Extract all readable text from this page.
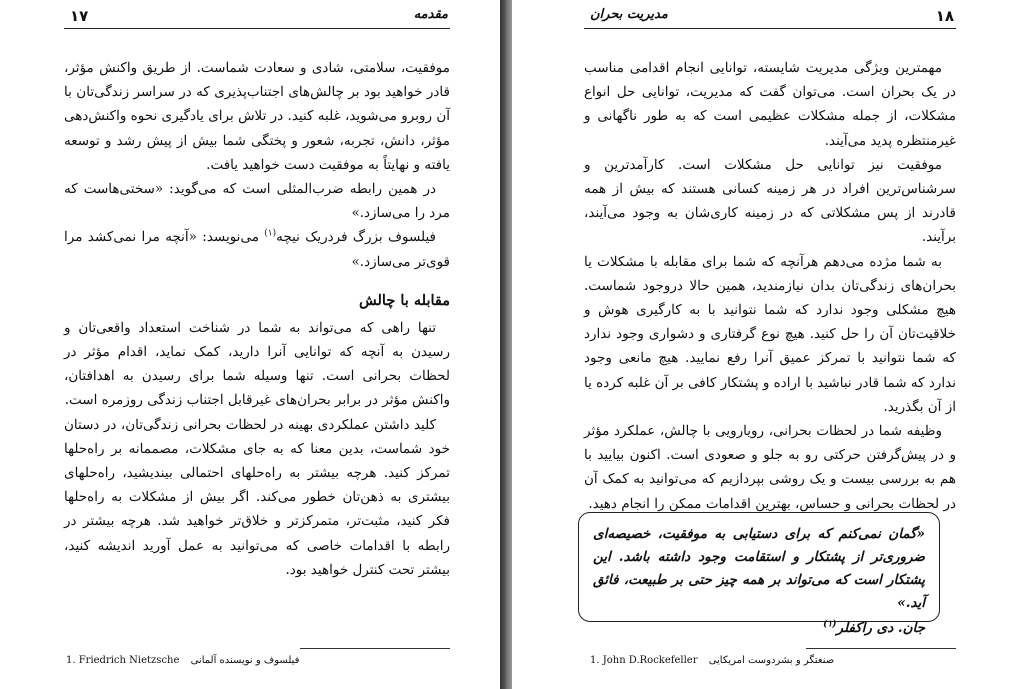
۱۷	مقدمه

موفقیت، سلامتی، شادی و سعادت شماست. از طریق واکنش مؤثر، قادر خواهید بود بر چالش‌های اجتناب‌پذیری که در سراسر زندگی‌تان با آن روبرو می‌شوید، غلبه کنید. در تلاش برای یادگیری نحوه واکنش‌دهی مؤثر، دانش، تجربه، شعور و پختگی شما بیش از پیش رشد و توسعه یافته و نهایتاً به موفقیت دست خواهید یافت.

در همین رابطه ضرب‌المثلی است که می‌گوید: «سختی‌هاست که مرد را می‌سازد.»

فیلسوف بزرگ فردریک نیچه$^{(۱)}$ می‌نویسد: «آنچه مرا نمی‌کشد مرا قوی‌تر می‌سازد.»

مقابله با چالش

تنها راهی که می‌تواند به شما در شناخت استعداد واقعی‌تان و رسیدن به آنچه که توانایی آنرا دارید، کمک نماید، اقدام مؤثر در لحظات بحرانی است. تنها وسیله شما برای رسیدن به اهدافتان، واکنش مؤثر در برابر بحران‌های غیرقابل اجتناب زندگی روزمره است.

کلید داشتن عملکردی بهینه در لحظات بحرانی زندگی‌تان، در دستان خود شماست، بدین معنا که به جای مشکلات، مصممانه بر راه‌حلها تمرکز کنید. هرچه بیشتر به راه‌حلهای احتمالی بیندیشید، راه‌حلهای بیشتری به ذهن‌تان خطور می‌کند. اگر بیش از مشکلات به راه‌حلها فکر کنید، مثبت‌تر، متمرکزتر و خلاق‌تر خواهید شد. هرچه بیشتر در رابطه با اقدامات خاصی که می‌توانید به عمل آورید اندیشه کنید، بیشتر تحت کنترل خواهید بود.

1. Friedrich Nietzsche فیلسوف و نویسنده آلمانی
۱۸
مدیریت بحران

مهمترین ویژگی مدیریت شایسته، توانایی انجام اقدامی مناسب در یک بحران است. می‌توان گفت که مدیریت، توانایی حل انواع مشکلات، از جمله مشکلات عظیمی است که به طور ناگهانی و غیرمنتظره پدید می‌آیند.

موفقیت نیز توانایی حل مشکلات است. کارآمدترین و سرشناس‌ترین افراد در هر زمینه کسانی هستند که بیش از همه قادرند از پس مشکلاتی که در زمینه کاری‌شان به وجود می‌آیند، برآیند.

به شما مژده می‌دهم هرآنچه که شما برای مقابله با مشکلات یا بحران‌های زندگی‌تان بدان نیازمندید، همین حالا دروجود شماست. هیچ مشکلی وجود ندارد که شما نتوانید با به کارگیری هوش و خلاقیت‌تان آن را حل کنید. هیچ نوع گرفتاری و دشواری وجود ندارد که شما نتوانید با تمرکز عمیق آنرا رفع نمایید. هیچ مانعی وجود ندارد که شما قادر نباشید با اراده و پشتکار کافی بر آن غلبه کرده یا از آن بگذرید.

وظیفه شما در لحظات بحرانی، رویارویی با چالش، عملکرد مؤثر و در پیش‌گرفتن حرکتی رو به جلو و صعودی است. اکنون بیایید با هم به بررسی بیست و یک روشی بپردازیم که می‌توانید به کمک آن در لحظات بحرانی و حساس، بهترین اقدامات ممکن را انجام دهید.

«گمان نمی‌کنم که برای دستیابی به موفقیت، خصیصه‌ای ضروری‌تر از پشتکار و استقامت وجود داشته باشد. این پشتکار است که می‌تواند بر همه چیز حتی بر طبیعت، فائق آید.»
جان. دی راکفلر$^{(۱)}$
1. John D.Rockefeller صنعتگر و بشردوست امریکایی
